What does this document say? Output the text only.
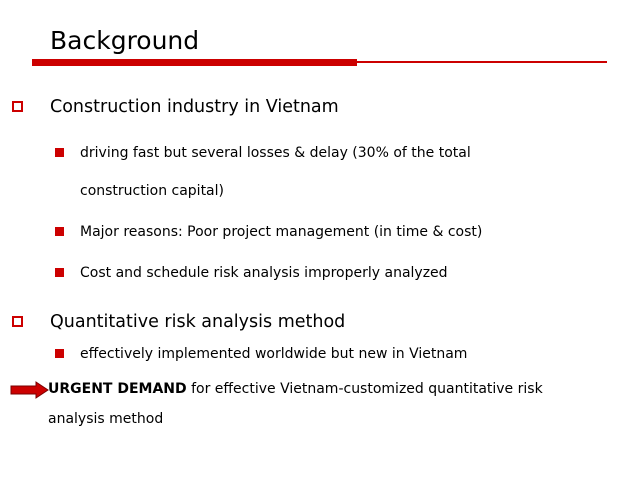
Background
Construction industry in Vietnam
driving fast but several losses & delay (30% of the total
construction capital)
Major reasons: Poor project management (in time & cost)
Cost and schedule risk analysis improperly analyzed
Quantitative risk analysis method
effectively implemented worldwide but new in Vietnam
URGENT DEMAND for effective Vietnam-customized quantitative risk
analysis method
